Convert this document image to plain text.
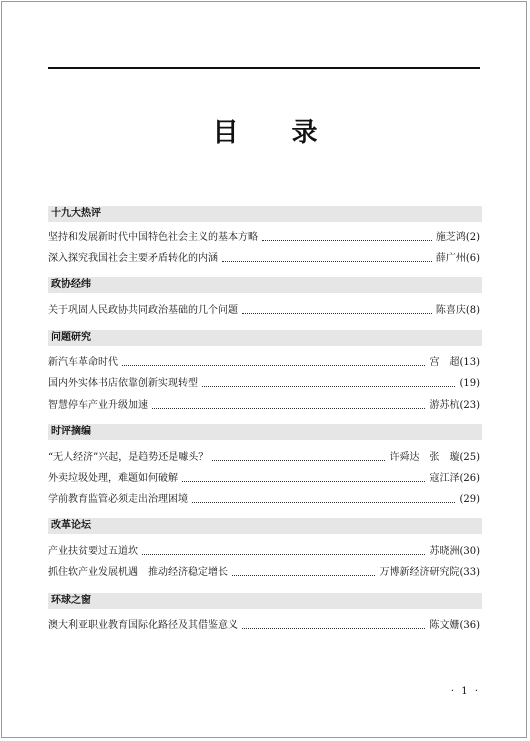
目 录
十九大热评
坚持和发展新时代中国特色社会主义的基本方略	施芝鸿 (2)
深入探究我国社会主要矛盾转化的内涵	薛广州 (6)
政协经纬
关于巩固人民政协共同政治基础的几个问题	陈喜庆 (8)
问题研究
新汽车革命时代	宫　超 (13)
国内外实体书店依靠创新实现转型	(19)
智慧停车产业升级加速	游苏杭 (23)
时评摘编
“无人经济”兴起，是趋势还是噱头？	许舜达　张　璇 (25)
外卖垃圾处理，难题如何破解	寇江泽 (26)
学前教育监管必须走出治理困境	(29)
改革论坛
产业扶贫要过五道坎	苏晓洲 (30)
抓住软产业发展机遇　推动经济稳定增长	万博新经济研究院 (33)
环球之窗
澳大利亚职业教育国际化路径及其借鉴意义	陈文姗 (36)
· 1 ·
